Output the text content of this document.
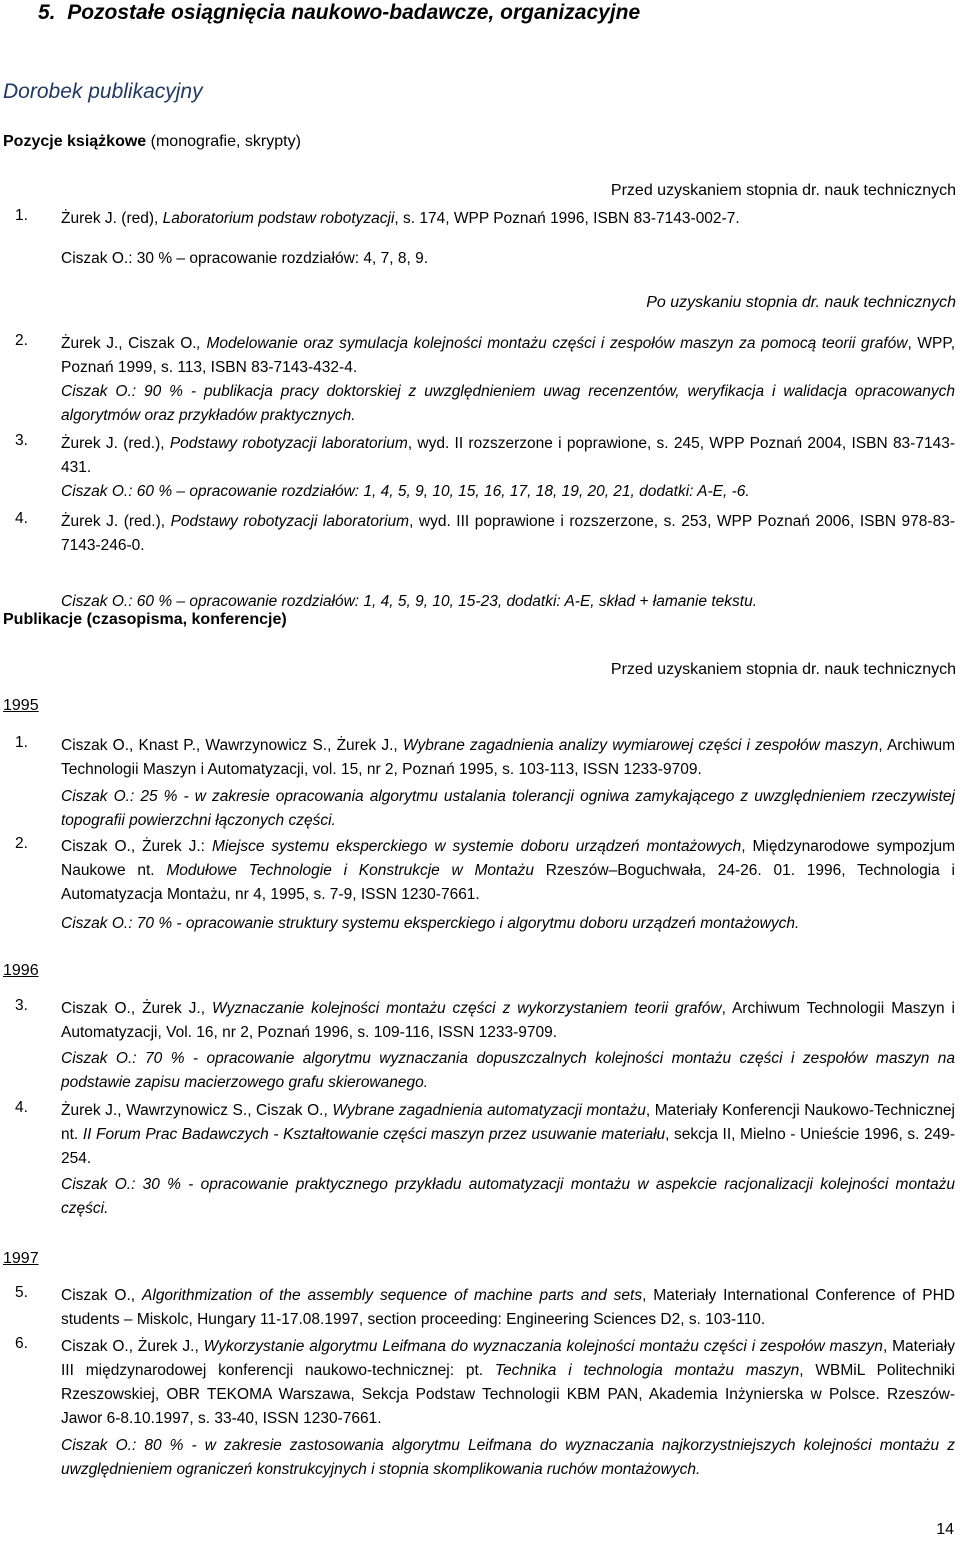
5. Pozostałe osiągnięcia naukowo-badawcze, organizacyjne
Dorobek publikacyjny
Pozycje książkowe (monografie, skrypty)
Przed uzyskaniem stopnia dr. nauk technicznych
1. Żurek J. (red), Laboratorium podstaw robotyzacji, s. 174, WPP Poznań 1996, ISBN 83-7143-002-7.
Ciszak O.: 30 % – opracowanie rozdziałów: 4, 7, 8, 9.
Po uzyskaniu stopnia dr. nauk technicznych
2. Żurek J., Ciszak O., Modelowanie oraz symulacja kolejności montażu części i zespołów maszyn za pomocą teorii grafów, WPP, Poznań 1999, s. 113, ISBN 83-7143-432-4.
Ciszak O.: 90 % - publikacja pracy doktorskiej z uwzględnieniem uwag recenzentów, weryfikacja i walidacja opracowanych algorytmów oraz przykładów praktycznych.
3. Żurek J. (red.), Podstawy robotyzacji laboratorium, wyd. II rozszerzone i poprawione, s. 245, WPP Poznań 2004, ISBN 83-7143-431.
Ciszak O.: 60 % – opracowanie rozdziałów: 1, 4, 5, 9, 10, 15, 16, 17, 18, 19, 20, 21, dodatki: A-E, -6.
4. Żurek J. (red.), Podstawy robotyzacji laboratorium, wyd. III poprawione i rozszerzone, s. 253, WPP Poznań 2006, ISBN 978-83-7143-246-0.
Ciszak O.: 60 % – opracowanie rozdziałów: 1, 4, 5, 9, 10, 15-23, dodatki: A-E, skład + łamanie tekstu.
Publikacje (czasopisma, konferencje)
Przed uzyskaniem stopnia dr. nauk technicznych
1995
1. Ciszak O., Knast P., Wawrzynowicz S., Żurek J., Wybrane zagadnienia analizy wymiarowej części i zespołów maszyn, Archiwum Technologii Maszyn i Automatyzacji, vol. 15, nr 2, Poznań 1995, s. 103-113, ISSN 1233-9709.
Ciszak O.: 25 % - w zakresie opracowania algorytmu ustalania tolerancji ogniwa zamykającego z uwzględnieniem rzeczywistej topografii powierzchni łączonych części.
2. Ciszak O., Żurek J.: Miejsce systemu eksperckiego w systemie doboru urządzeń montażowych, Międzynarodowe sympozjum Naukowe nt. Modułowe Technologie i Konstrukcje w Montażu Rzeszów–Boguchwała, 24-26. 01. 1996, Technologia i Automatyzacja Montażu, nr 4, 1995, s. 7-9, ISSN 1230-7661.
Ciszak O.: 70 % - opracowanie struktury systemu eksperckiego i algorytmu doboru urządzeń montażowych.
1996
3. Ciszak O., Żurek J., Wyznaczanie kolejności montażu części z wykorzystaniem teorii grafów, Archiwum Technologii Maszyn i Automatyzacji, Vol. 16, nr 2, Poznań 1996, s. 109-116, ISSN 1233-9709.
Ciszak O.: 70 % - opracowanie algorytmu wyznaczania dopuszczalnych kolejności montażu części i zespołów maszyn na podstawie zapisu macierzowego grafu skierowanego.
4. Żurek J., Wawrzynowicz S., Ciszak O., Wybrane zagadnienia automatyzacji montażu, Materiały Konferencji Naukowo-Technicznej nt. II Forum Prac Badawczych - Kształtowanie części maszyn przez usuwanie materiału, sekcja II, Mielno - Unieście 1996, s. 249-254.
Ciszak O.: 30 % - opracowanie praktycznego przykładu automatyzacji montażu w aspekcie racjonalizacji kolejności montażu części.
1997
5. Ciszak O., Algorithmization of the assembly sequence of machine parts and sets, Materiały International Conference of PHD students – Miskolc, Hungary 11-17.08.1997, section proceeding: Engineering Sciences D2, s. 103-110.
6. Ciszak O., Żurek J., Wykorzystanie algorytmu Leifmana do wyznaczania kolejności montażu części i zespołów maszyn, Materiały III międzynarodowej konferencji naukowo-technicznej: pt. Technika i technologia montażu maszyn, WBMiL Politechniki Rzeszowskiej, OBR TEKOMA Warszawa, Sekcja Podstaw Technologii KBM PAN, Akademia Inżynierska w Polsce. Rzeszów-Jawor 6-8.10.1997, s. 33-40, ISSN 1230-7661.
Ciszak O.: 80 % - w zakresie zastosowania algorytmu Leifmana do wyznaczania najkorzystniejszych kolejności montażu z uwzględnieniem ograniczeń konstrukcyjnych i stopnia skomplikowania ruchów montażowych.
14
